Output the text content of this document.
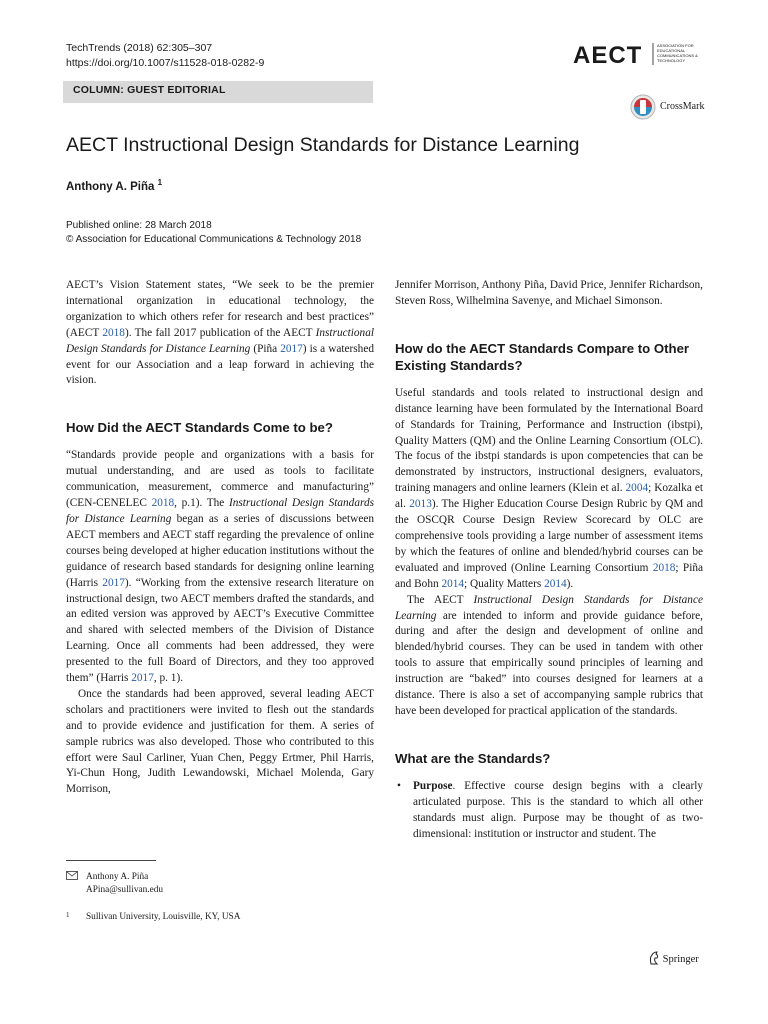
TechTrends (2018) 62:305–307
https://doi.org/10.1007/s11528-018-0282-9	AECT	ASSOCIATION FOR
EDUCATIONAL
COMMUNICATIONS &
TECHNOLOGY
COLUMN: GUEST EDITORIAL
CrossMark
AECT Instructional Design Standards for Distance Learning
Anthony A. Piña $^1$
Published online: 28 March 2018
© Association for Educational Communications & Technology 2018

AECT’s Vision Statement states, “We seek to be the premier international organization in educational technology, the organization to which others refer for research and best practices” (AECT 2018). The fall 2017 publication of the AECT Instructional Design Standards for Distance Learning (Piña 2017) is a watershed event for our Association and a leap forward in achieving the vision.

How Did the AECT Standards Come to be?

“Standards provide people and organizations with a basis for mutual understanding, and are used as tools to facilitate communication, measurement, commerce and manufacturing” (CEN-CENELEC 2018, p.1). The Instructional Design Standards for Distance Learning began as a series of discussions between AECT members and AECT staff regarding the prevalence of online courses being developed at higher education institutions without the guidance of research based standards for designing online learning (Harris 2017). “Working from the extensive research literature on instructional design, two AECT members drafted the standards, and an edited version was approved by AECT’s Executive Committee and shared with selected members of the Division of Distance Learning. Once all comments had been addressed, they were presented to the full Board of Directors, and they too approved them” (Harris 2017, p. 1).

Once the standards had been approved, several leading AECT scholars and practitioners were invited to flesh out the standards and to provide evidence and justification for them. A series of sample rubrics was also developed. Those who contributed to this effort were Saul Carliner, Yuan Chen, Peggy Ertmer, Phil Harris, Yi-Chun Hong, Judith Lewandowski, Michael Molenda, Gary Morrison,

Jennifer Morrison, Anthony Piña, David Price, Jennifer Richardson, Steven Ross, Wilhelmina Savenye, and Michael Simonson.

How do the AECT Standards Compare to Other Existing Standards?

Useful standards and tools related to instructional design and distance learning have been formulated by the International Board of Standards for Training, Performance and Instruction (ibstpi), Quality Matters (QM) and the Online Learning Consortium (OLC). The focus of the ibstpi standards is upon competencies that can be demonstrated by instructors, instructional designers, evaluators, training managers and online learners (Klein et al. 2004; Kozalka et al. 2013). The Higher Education Course Design Rubric by QM and the OSCQR Course Design Review Scorecard by OLC are comprehensive tools providing a large number of assessment items by which the features of online and blended/hybrid courses can be evaluated and improved (Online Learning Consortium 2018; Piña and Bohn 2014; Quality Matters 2014).

The AECT Instructional Design Standards for Distance Learning are intended to inform and provide guidance before, during and after the design and development of online and blended/hybrid courses. They can be used in tandem with other tools to assure that empirically sound principles of learning and instruction are “baked” into courses designed for learners at a distance. There is also a set of accompanying sample rubrics that have been developed for practical application of the standards.

What are the Standards?

• Purpose. Effective course design begins with a clearly articulated purpose. This is the standard to which all other standards must align. Purpose may be thought of as two-dimensional: institution or instructor and student. The

Anthony A. Piña
APina@sullivan.edu
1 Sullivan University, Louisville, KY, USA
Springer
